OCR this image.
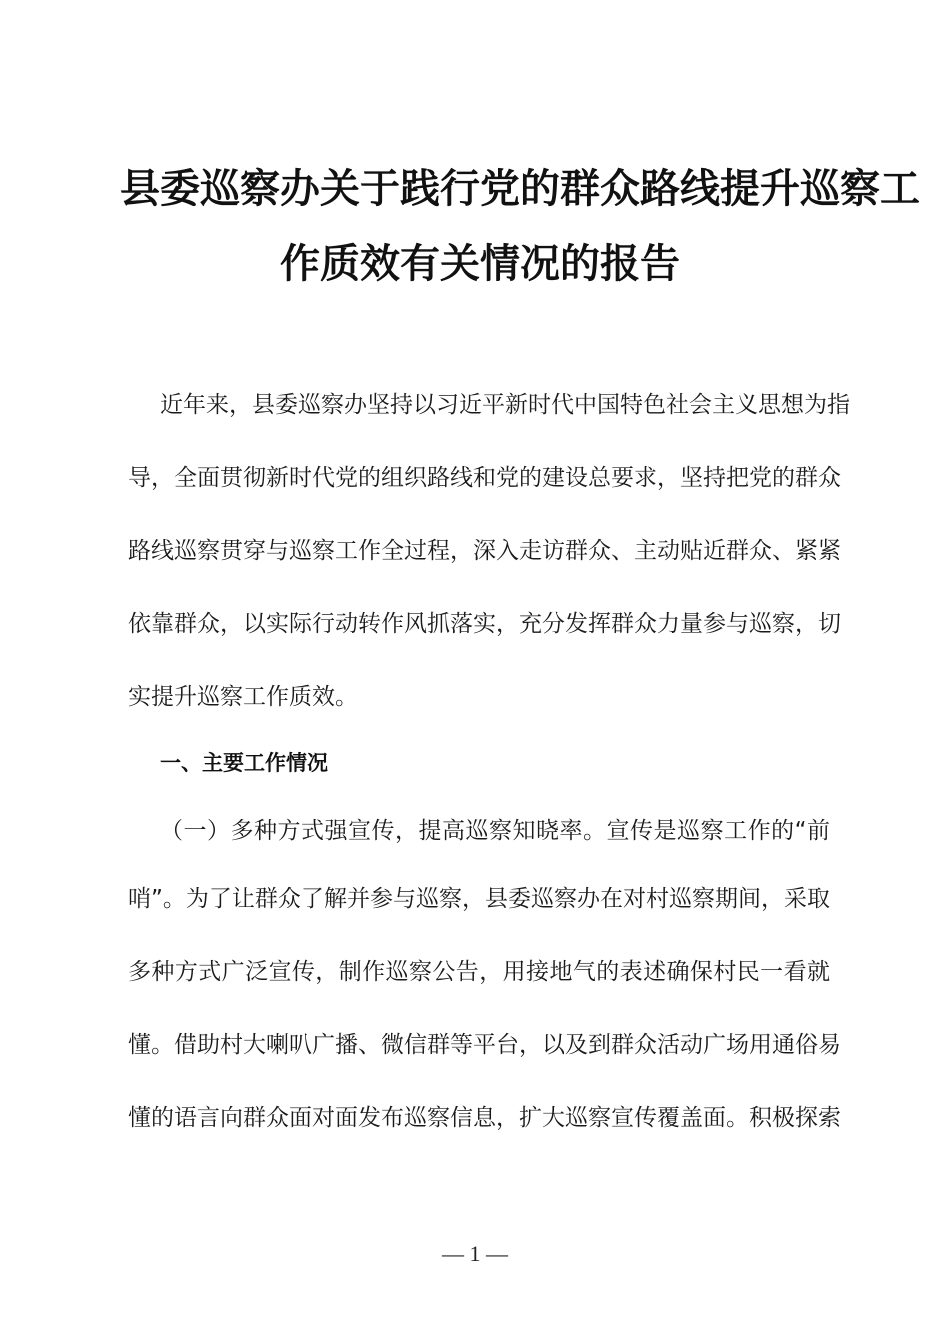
县委巡察办关于践行党的群众路线提升巡察工
作质效有关情况的报告
近年来，县委巡察办坚持以习近平新时代中国特色社会主义思想为指
导，全面贯彻新时代党的组织路线和党的建设总要求，坚持把党的群众
路线巡察贯穿与巡察工作全过程，深入走访群众、主动贴近群众、紧紧
依靠群众，以实际行动转作风抓落实，充分发挥群众力量参与巡察，切
实提升巡察工作质效。
一、主要工作情况
（一）多种方式强宣传，提高巡察知晓率。宣传是巡察工作的“前
哨”。为了让群众了解并参与巡察，县委巡察办在对村巡察期间，采取
多种方式广泛宣传，制作巡察公告，用接地气的表述确保村民一看就
懂。借助村大喇叭广播、微信群等平台，以及到群众活动广场用通俗易
懂的语言向群众面对面发布巡察信息，扩大巡察宣传覆盖面。积极探索
— 1 —
